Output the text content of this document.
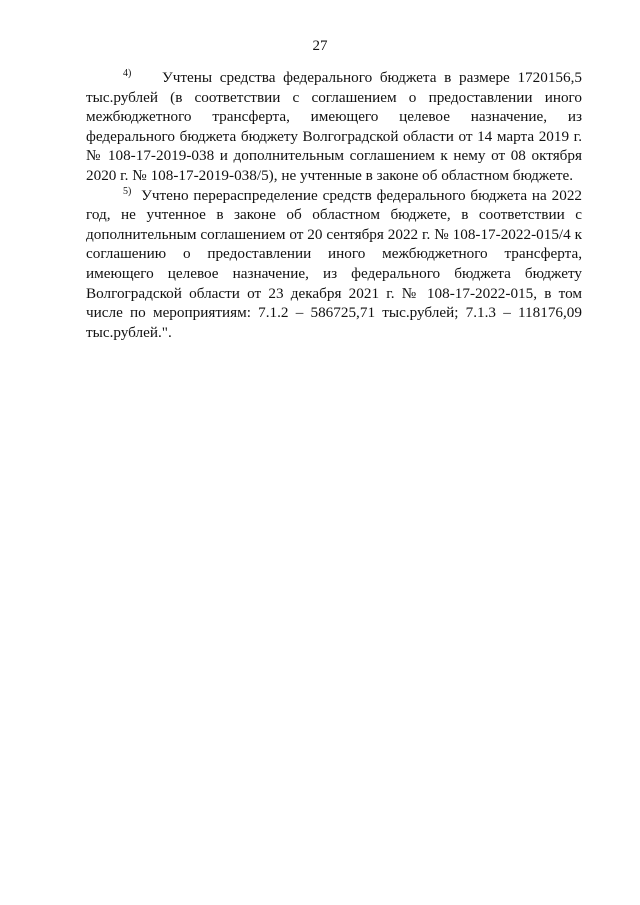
27

$^{4)}$ Учтены средства федерального бюджета в размере 1720156,5 тыс.рублей (в соответствии с соглашением о предоставлении иного межбюджетного трансферта, имеющего целевое назначение, из федерального бюджета бюджету Волгоградской области от 14 марта 2019 г. № 108-17-2019-038 и дополнительным соглашением к нему от 08 октября 2020 г. № 108-17-2019-038/5), не учтенные в законе об областном бюджете.

$^{5)}$ Учтено перераспределение средств федерального бюджета на 2022 год, не учтенное в законе об областном бюджете, в соответствии с дополнительным соглашением от 20 сентября 2022 г. № 108-17-2022-015/4 к соглашению о предоставлении иного межбюджетного трансферта, имеющего целевое назначение, из федерального бюджета бюджету Волгоградской области от 23 декабря 2021 г. № 108-17-2022-015, в том числе по мероприятиям: 7.1.2 – 586725,71 тыс.рублей; 7.1.3 – 118176,09 тыс.рублей.".
